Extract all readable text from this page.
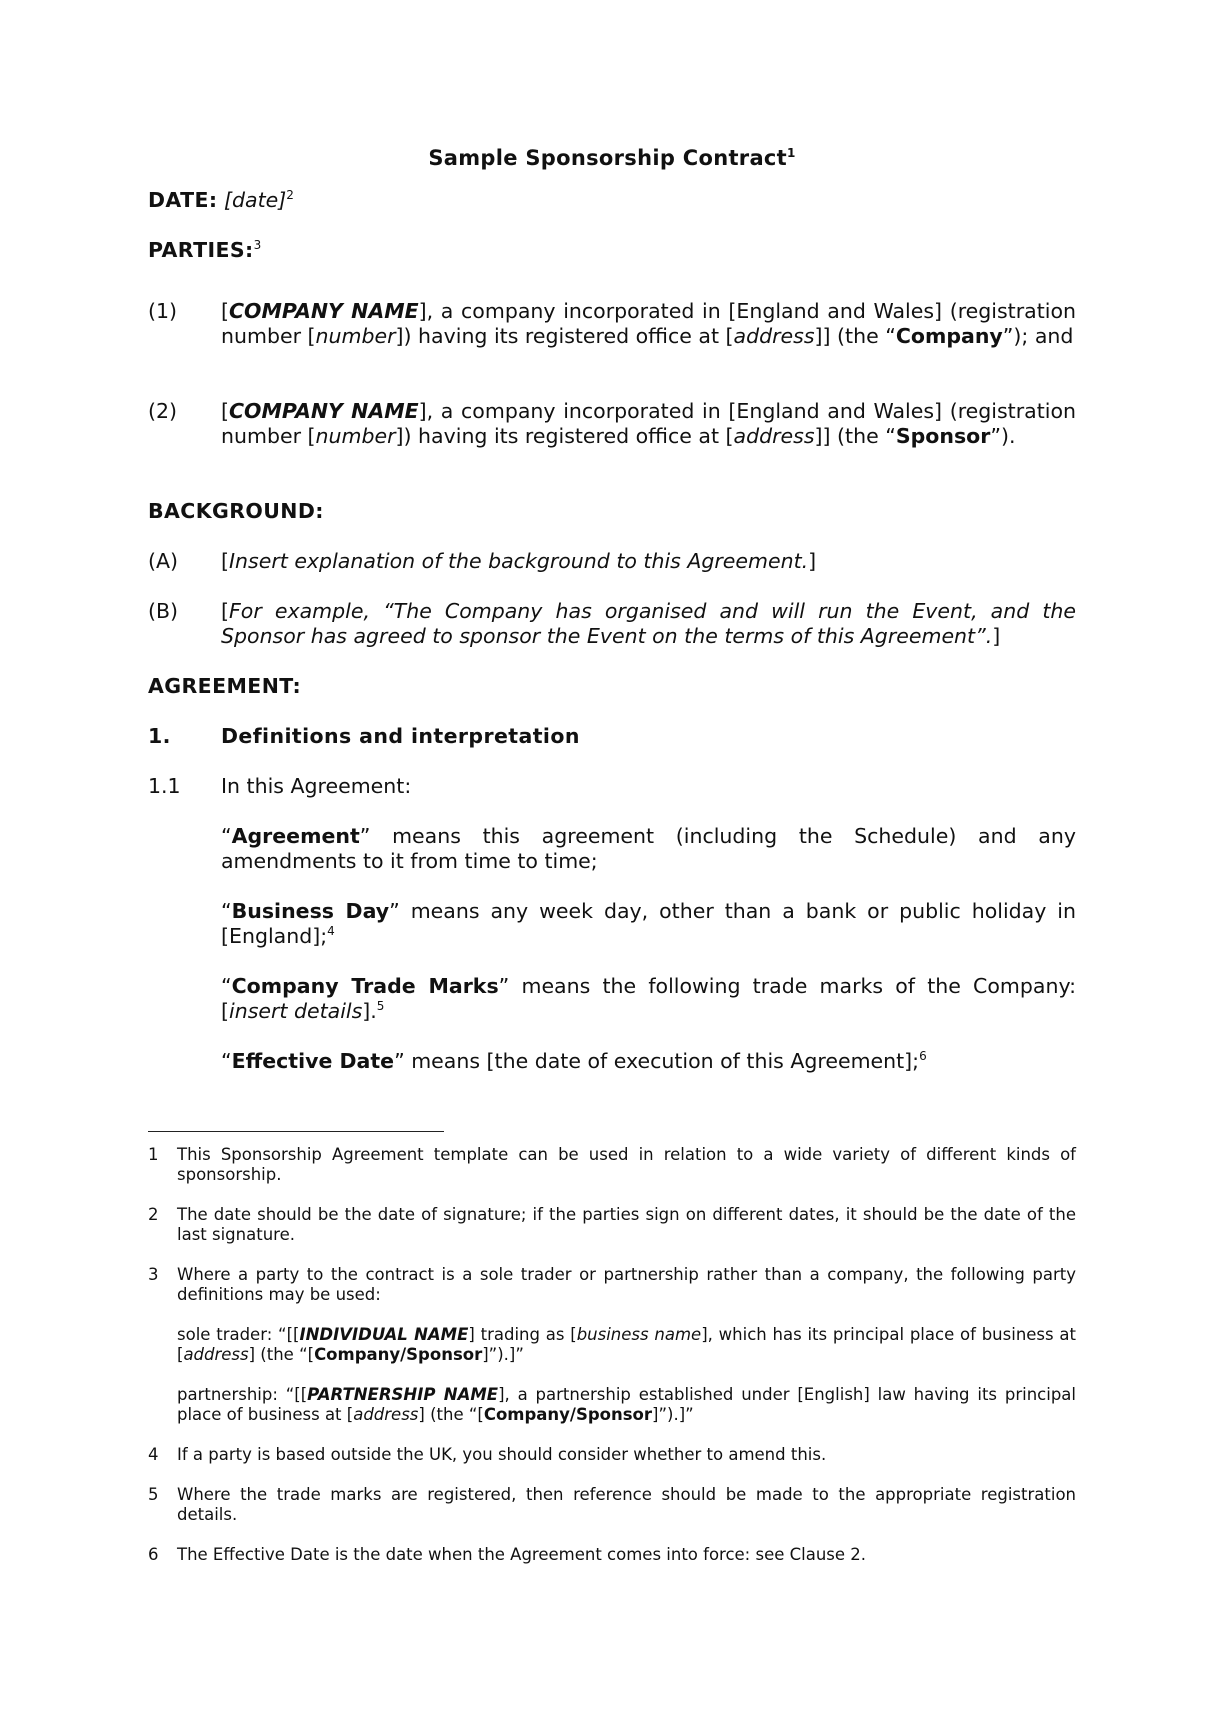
Sample Sponsorship Contract$^1$
DATE: [date]$^2$
PARTIES:$^3$
(1) [COMPANY NAME], a company incorporated in [England and Wales] (registration number [number]) having its registered office at [address]] (the “Company”); and
(2) [COMPANY NAME], a company incorporated in [England and Wales] (registration number [number]) having its registered office at [address]] (the “Sponsor”).
BACKGROUND:
(A) [Insert explanation of the background to this Agreement.]
(B) [For example, “The Company has organised and will run the Event, and the Sponsor has agreed to sponsor the Event on the terms of this Agreement”.]
AGREEMENT:
1. Definitions and interpretation
1.1 In this Agreement:
“Agreement” means this agreement (including the Schedule) and any amendments to it from time to time;
“Business Day” means any week day, other than a bank or public holiday in [England];$^4$
“Company Trade Marks” means the following trade marks of the Company: [insert details].$^5$
“Effective Date” means [the date of execution of this Agreement];$^6$
1 This Sponsorship Agreement template can be used in relation to a wide variety of different kinds of sponsorship.
2 The date should be the date of signature; if the parties sign on different dates, it should be the date of the last signature.
3 Where a party to the contract is a sole trader or partnership rather than a company, the following party definitions may be used:
sole trader: “[[INDIVIDUAL NAME] trading as [business name], which has its principal place of business at [address] (the “[Company/Sponsor]”).]”
partnership: “[[PARTNERSHIP NAME], a partnership established under [English] law having its principal place of business at [address] (the “[Company/Sponsor]”).]”
4 If a party is based outside the UK, you should consider whether to amend this.
5 Where the trade marks are registered, then reference should be made to the appropriate registration details.
6 The Effective Date is the date when the Agreement comes into force: see Clause 2.
